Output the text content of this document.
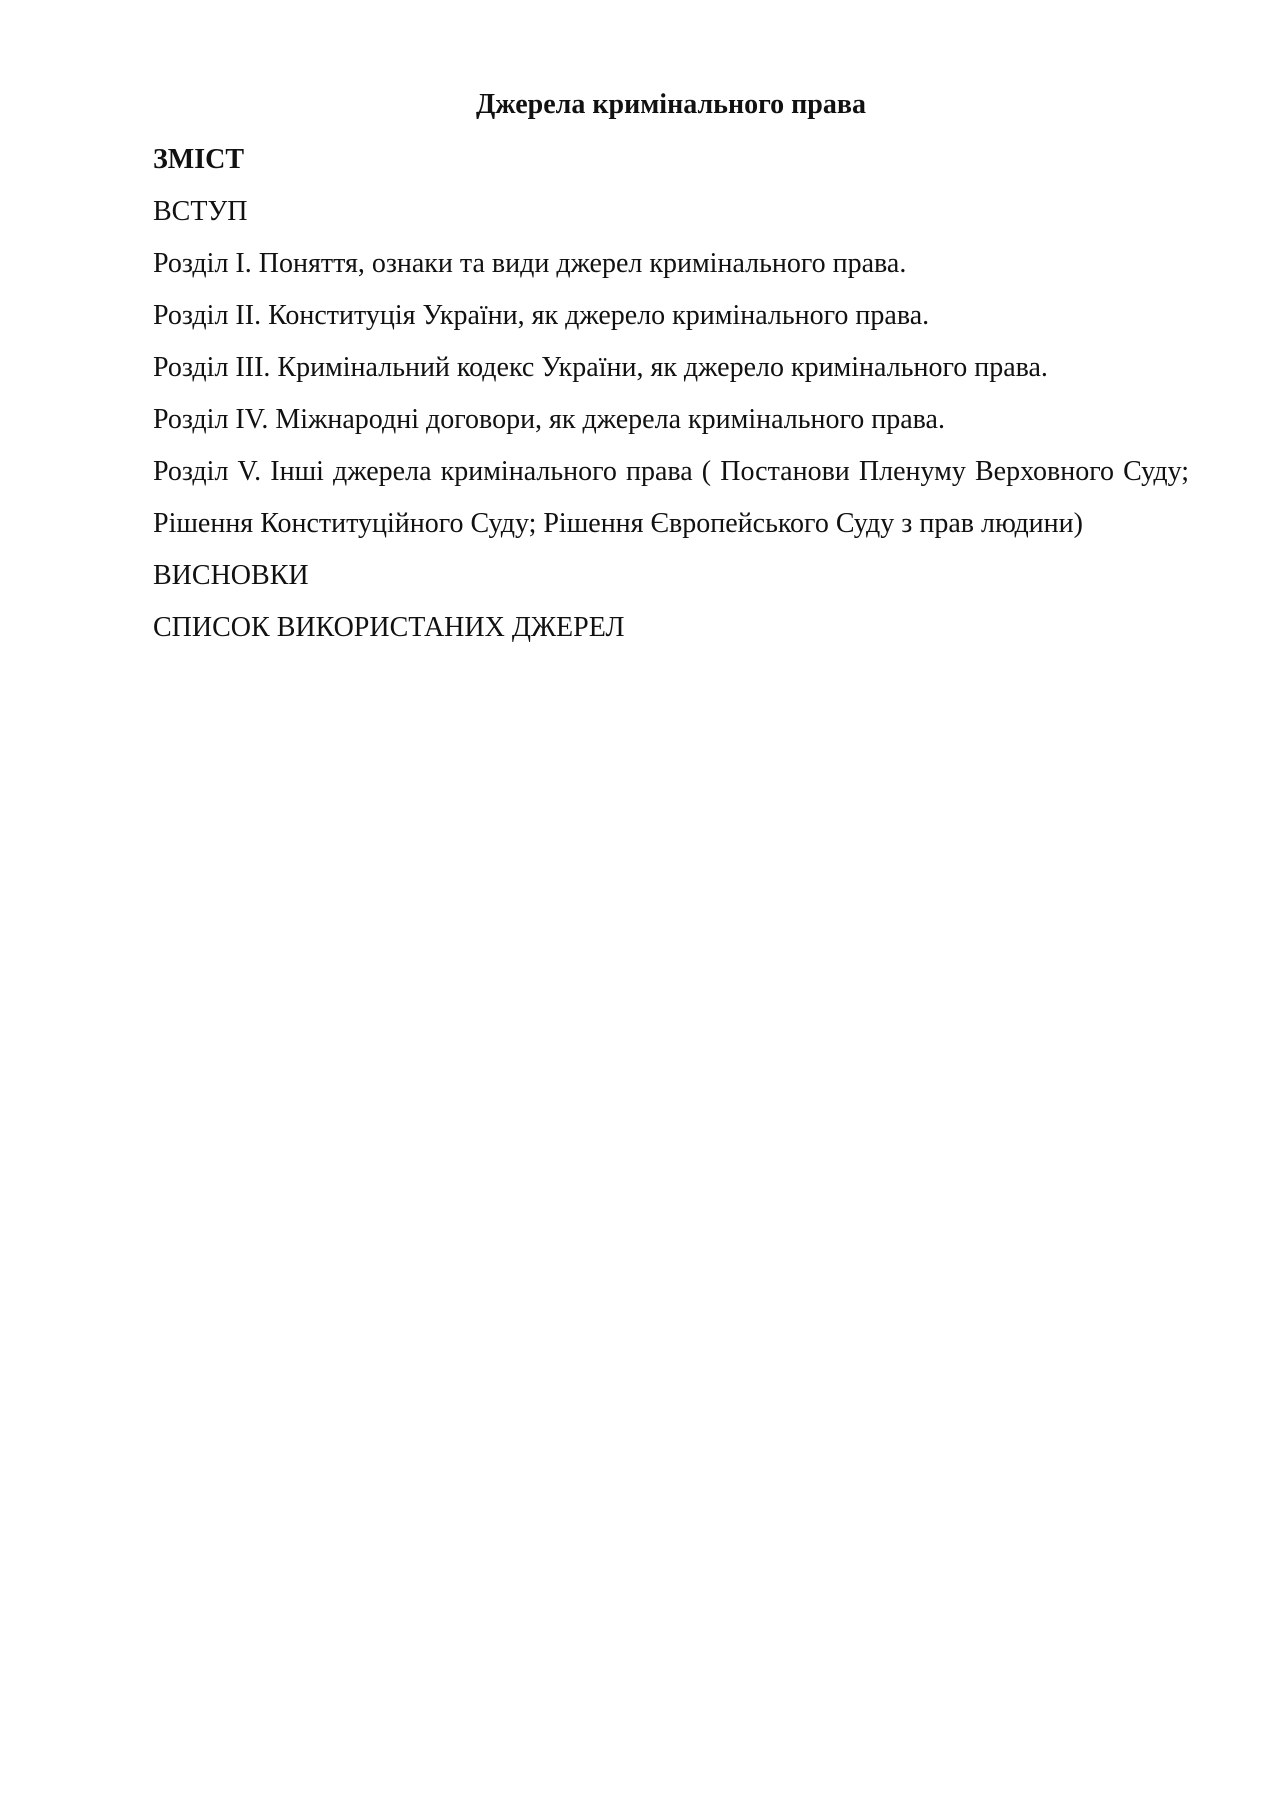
Джерела кримінального права
ЗМІСТ

ВСТУП

Розділ І. Поняття, ознаки та види джерел кримінального права.

Розділ ІІ. Конституція України, як джерело кримінального права.

Розділ ІІІ. Кримінальний кодекс України, як джерело кримінального права.

Розділ IV. Міжнародні договори, як джерела кримінального права.

Розділ V. Інші джерела кримінального права ( Постанови Пленуму Верховного Суду; Рішення Конституційного Суду; Рішення Європейського Суду з прав людини)

ВИСНОВКИ

СПИСОК ВИКОРИСТАНИХ ДЖЕРЕЛ
